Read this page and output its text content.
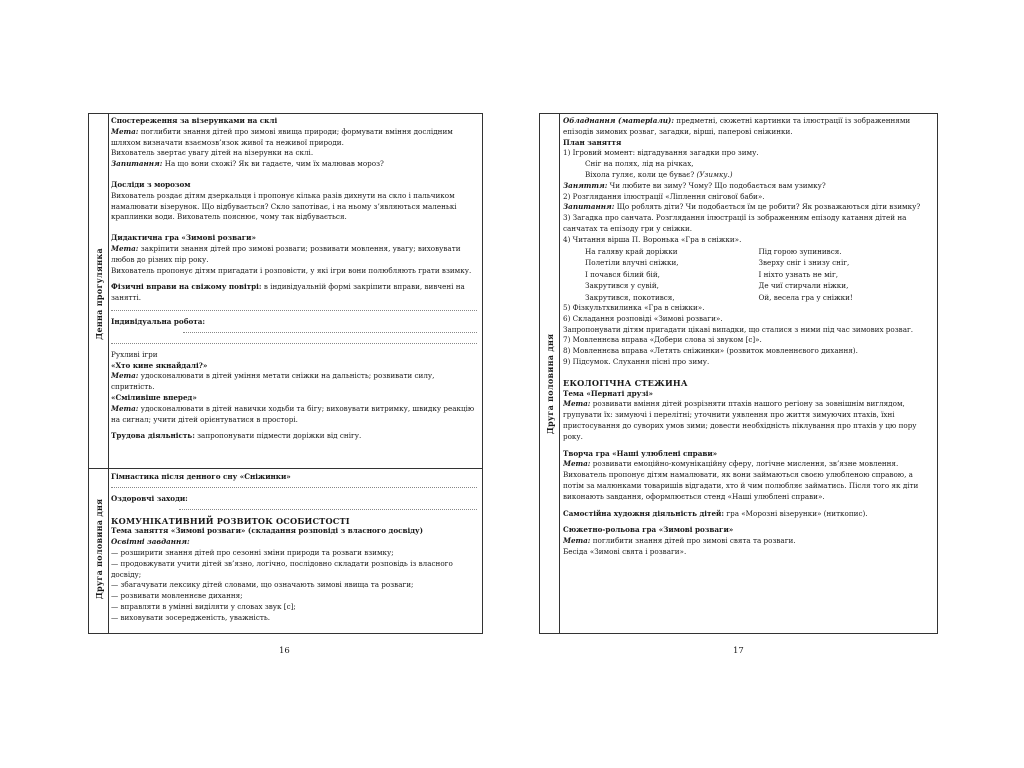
Денна прогулянка
Друга половина дня

Спостереження за візерунками на склі

Мета: поглибити знання дітей про зимові явища природи; формувати вміння дослідним шляхом визначати взаємозв’язок живої та неживої природи.

Вихователь звертає увагу дітей на візерунки на склі.

Запитання: На що вони схожі? Як ви гадаєте, чим їх малював мороз?

Досліди з морозом

Вихователь роздає дітям дзеркальця і пропонує кілька разів дихнути на скло і пальчиком намалювати візерунок. Що відбувається? Скло запотіває, і на ньому з’являються маленькі краплинки води. Вихователь пояснює, чому так відбувається.

Дидактична гра «Зимові розваги»

Мета: закріпити знання дітей про зимові розваги; розвивати мовлення, увагу; виховувати любов до різних пір року.

Вихователь пропонує дітям пригадати і розповісти, у які ігри вони полюбляють грати взимку.

Фізичні вправи на свіжому повітрі: в індивідуальній формі закріпити вправи, вивчені на занятті.

Індивідуальна робота:

Рухливі ігри

«Хто кине якнайдалі?»

Мета: удосконалювати в дітей уміння метати сніжки на дальність; розвивати силу, спритність.

«Сміливіше вперед»

Мета: удосконалювати в дітей навички ходьби та бігу; виховувати витримку, швидку реакцію на сигнал; учити дітей орієнтуватися в просторі.

Трудова діяльність: запропонувати підмести доріжки від снігу.

Гімнастика після денного сну «Сніжинки»

Оздоровчі заходи:

КОМУНІКАТИВНИЙ РОЗВИТОК ОСОБИСТОСТІ

Тема заняття «Зимові розваги» (складання розповіді з власного досвіду)

Освітні завдання:

— розширити знання дітей про сезонні зміни природи та розваги взимку;

— продовжувати учити дітей зв’язно, логічно, послідовно складати розповідь із власного досвіду;

— збагачувати лексику дітей словами, що означають зимові явища та розваги;

— розвивати мовленнєве дихання;

— вправляти в умінні виділяти у словах звук [с];

— виховувати зосередженість, уважність.

Друга половина дня

Обладнання (матеріали): предметні, сюжетні картинки та ілюстрації із зображеннями епізодів зимових розваг, загадки, вірші, паперові сніжинки.

План заняття

1) Ігровий момент: відгадування загадки про зиму.

Сніг на полях, лід на річках,

Віхола гуляє, коли це буває? (Узимку.)

Заняття: Чи любите ви зиму? Чому? Що подобається вам узимку?

2) Розглядання ілюстрації «Ліплення снігової баби».

Запитання: Що роблять діти? Чи подобається їм це робити? Як розважаються діти взимку?

3) Загадка про санчата. Розглядання ілюстрації із зображенням епізоду катання дітей на санчатах та епізоду гри у сніжки.

4) Читання вірша П. Воронька «Гра в сніжки».

На галяву край доріжки

Полетіли влучні сніжки,

І почався білий бій,

Закрутився у сувій,

Закрутився, покотився,

Під горою зупинився.

Зверху сніг і знизу сніг,

І ніхто узнать не міг,

Де чиї стирчали ніжки,

Ой, весела гра у сніжки!

5) Фізкультхвилинка «Гра в сніжки».

6) Складання розповіді «Зимові розваги».

Запропонувати дітям пригадати цікаві випадки, що сталися з ними під час зимових розваг.

7) Мовленнєва вправа «Добери слова зі звуком [с]».

8) Мовленнєва вправа «Летять сніжинки» (розвиток мовленнєвого дихання).

9) Підсумок. Слухання пісні про зиму.

ЕКОЛОГІЧНА СТЕЖИНА

Тема «Пернаті друзі»

Мета: розвивати вміння дітей розрізняти птахів нашого регіону за зовнішнім виглядом, групувати їх: зимуючі і перелітні; уточнити уявлення про життя зимуючих птахів, їхні пристосування до суворих умов зими; довести необхідність піклування про птахів у цю пору року.

Творча гра «Наші улюблені справи»

Мета: розвивати емоційно-комунікаційну сферу, логічне мислення, зв’язне мовлення. Вихователь пропонує дітям намалювати, як вони займаються своєю улюбленою справою, а потім за малюнками товаришів відгадати, хто й чим полюбляє займатись. Після того як діти виконають завдання, оформлюється стенд «Наші улюблені справи».

Самостійна художня діяльність дітей: гра «Морозні візерунки» (ниткопис).

Сюжетно-рольова гра «Зимові розваги»

Мета: поглибити знання дітей про зимові свята та розваги.

Бесіда «Зимові свята і розваги».

16	17
